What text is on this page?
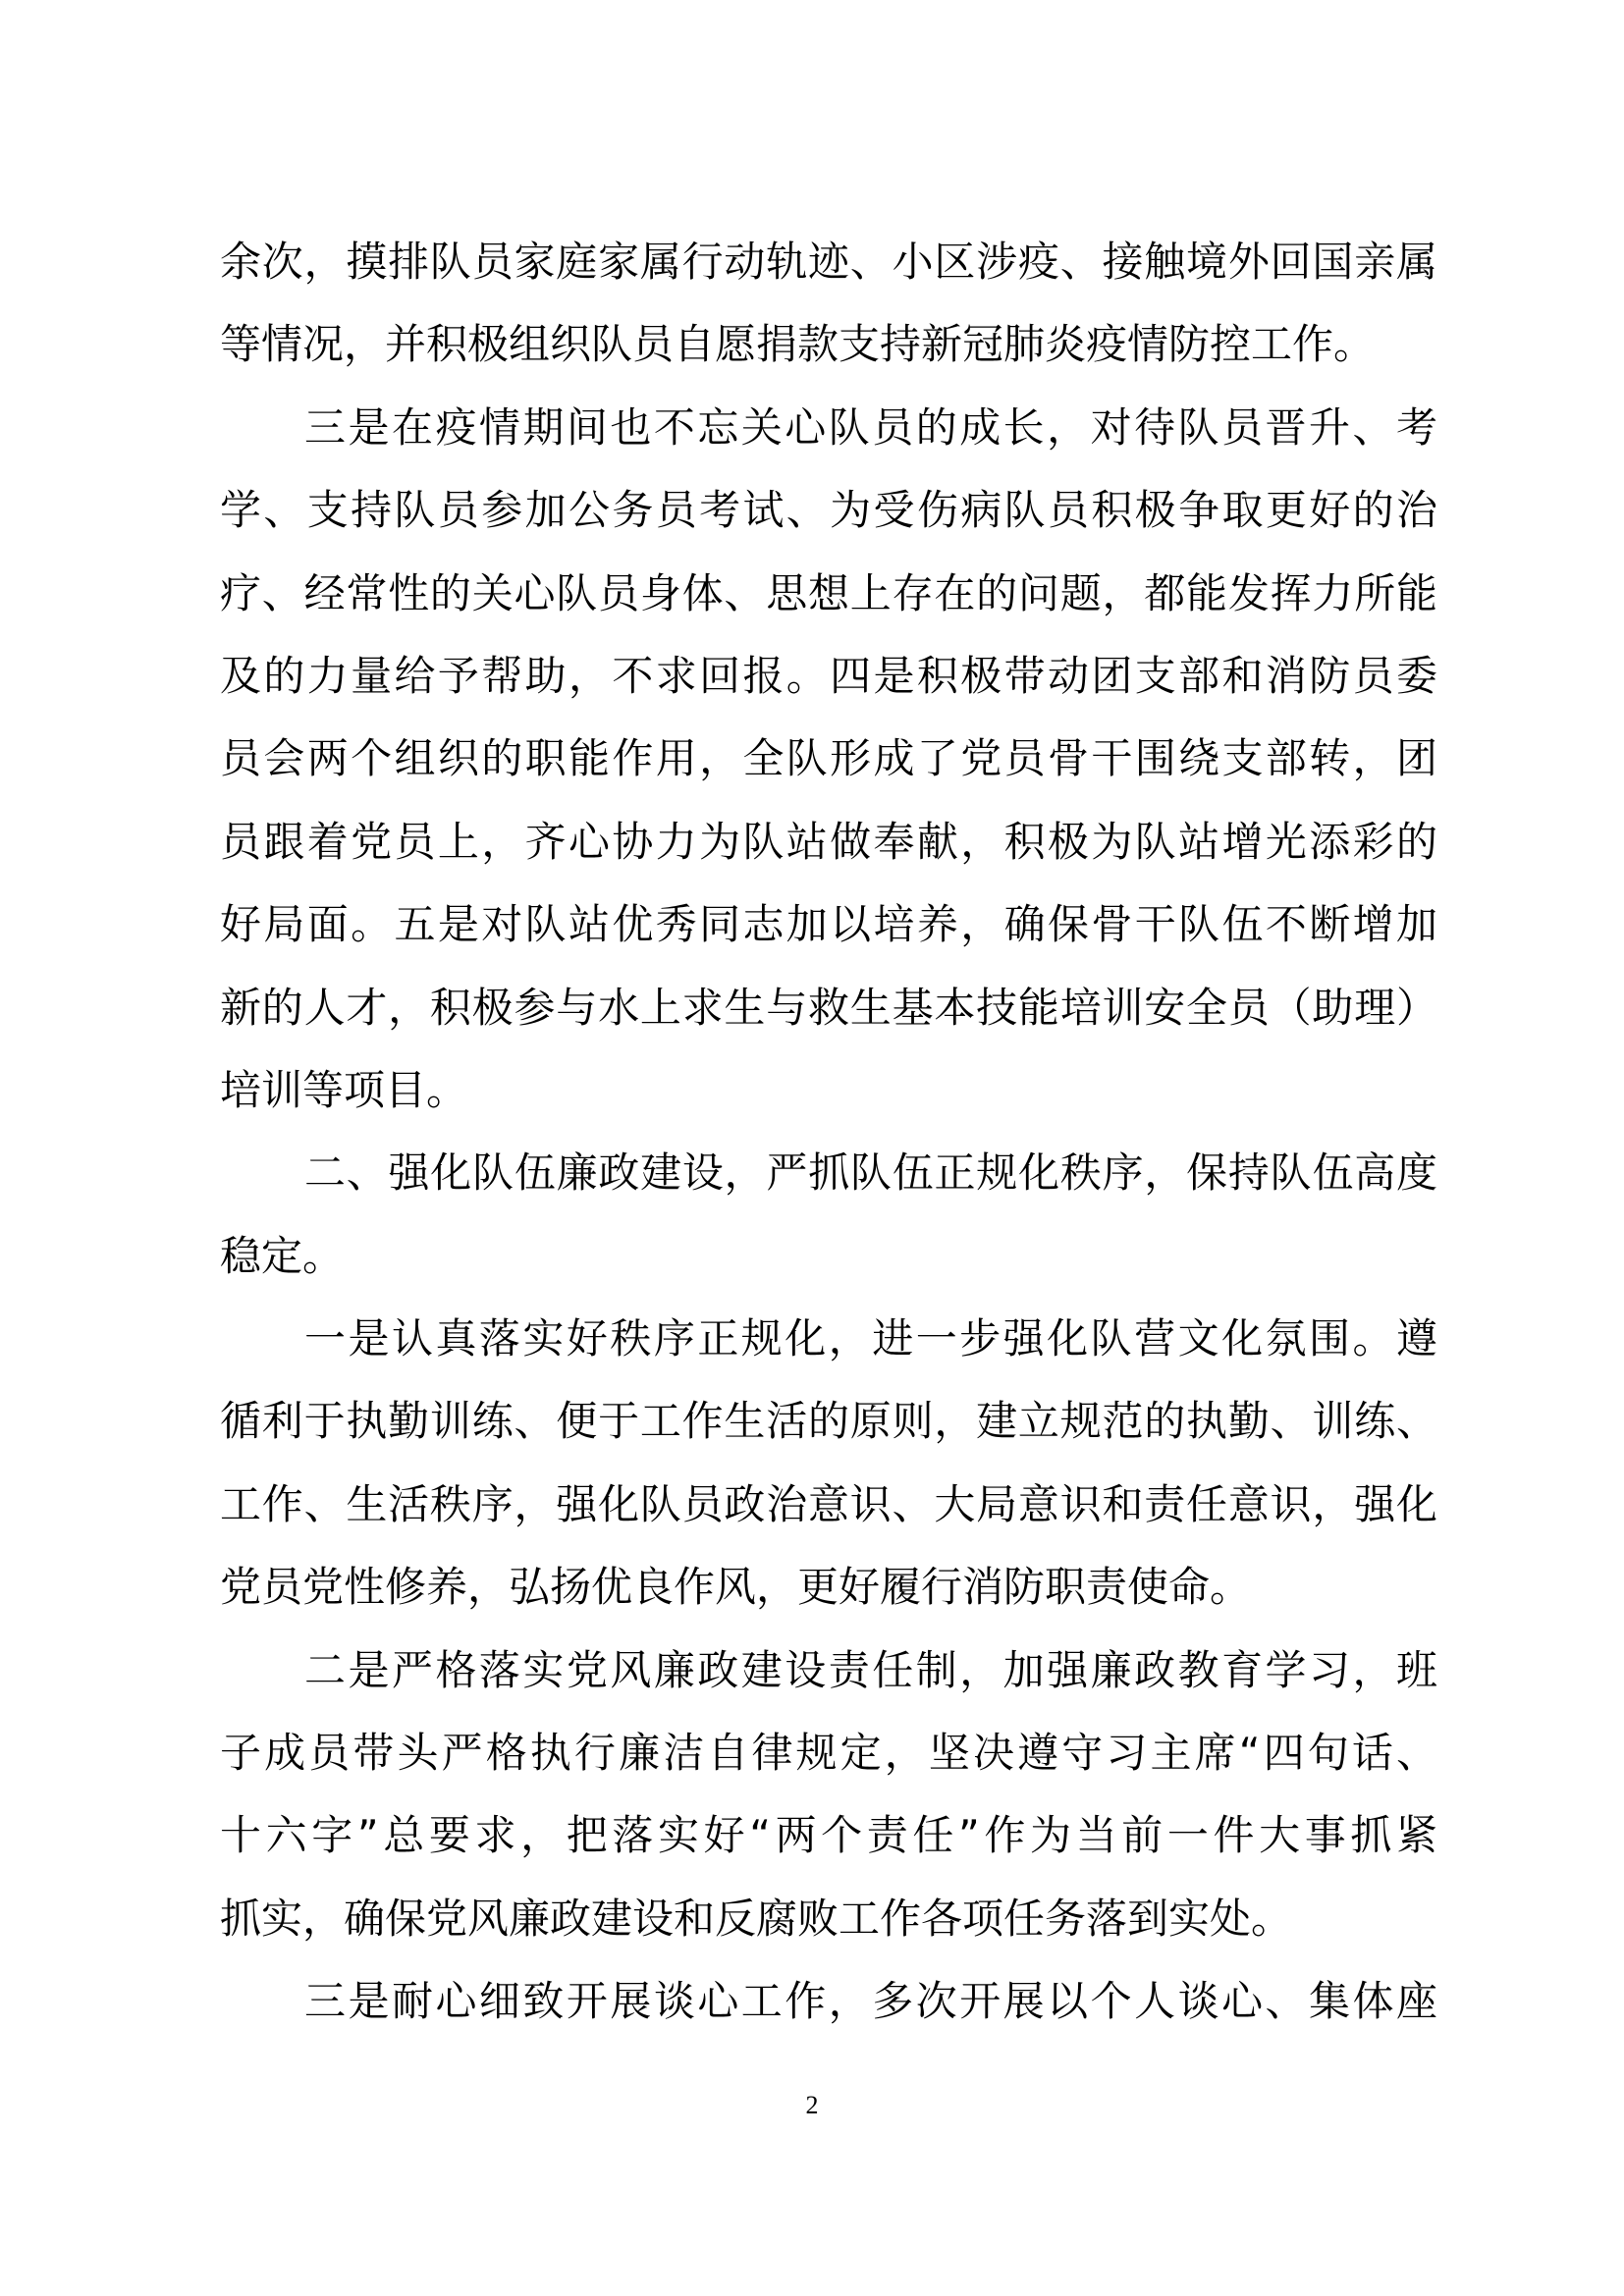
余次，摸排队员家庭家属行动轨迹、小区涉疫、接触境外回国亲属
等情况，并积极组织队员自愿捐款支持新冠肺炎疫情防控工作。
三是在疫情期间也不忘关心队员的成长，对待队员晋升、考
学、支持队员参加公务员考试、为受伤病队员积极争取更好的治
疗、经常性的关心队员身体、思想上存在的问题，都能发挥力所能
及的力量给予帮助，不求回报。四是积极带动团支部和消防员委
员会两个组织的职能作用，全队形成了党员骨干围绕支部转，团
员跟着党员上，齐心协力为队站做奉献，积极为队站增光添彩的
好局面。五是对队站优秀同志加以培养，确保骨干队伍不断增加
新的人才，积极参与水上求生与救生基本技能培训安全员（助理）
培训等项目。
二、强化队伍廉政建设，严抓队伍正规化秩序，保持队伍高度
稳定。
一是认真落实好秩序正规化，进一步强化队营文化氛围。遵
循利于执勤训练、便于工作生活的原则，建立规范的执勤、训练、
工作、生活秩序，强化队员政治意识、大局意识和责任意识，强化
党员党性修养，弘扬优良作风，更好履行消防职责使命。
二是严格落实党风廉政建设责任制，加强廉政教育学习，班
子成员带头严格执行廉洁自律规定，坚决遵守习主席“四句话、
十六字”总要求，把落实好“两个责任”作为当前一件大事抓紧
抓实，确保党风廉政建设和反腐败工作各项任务落到实处。
三是耐心细致开展谈心工作，多次开展以个人谈心、集体座
2
